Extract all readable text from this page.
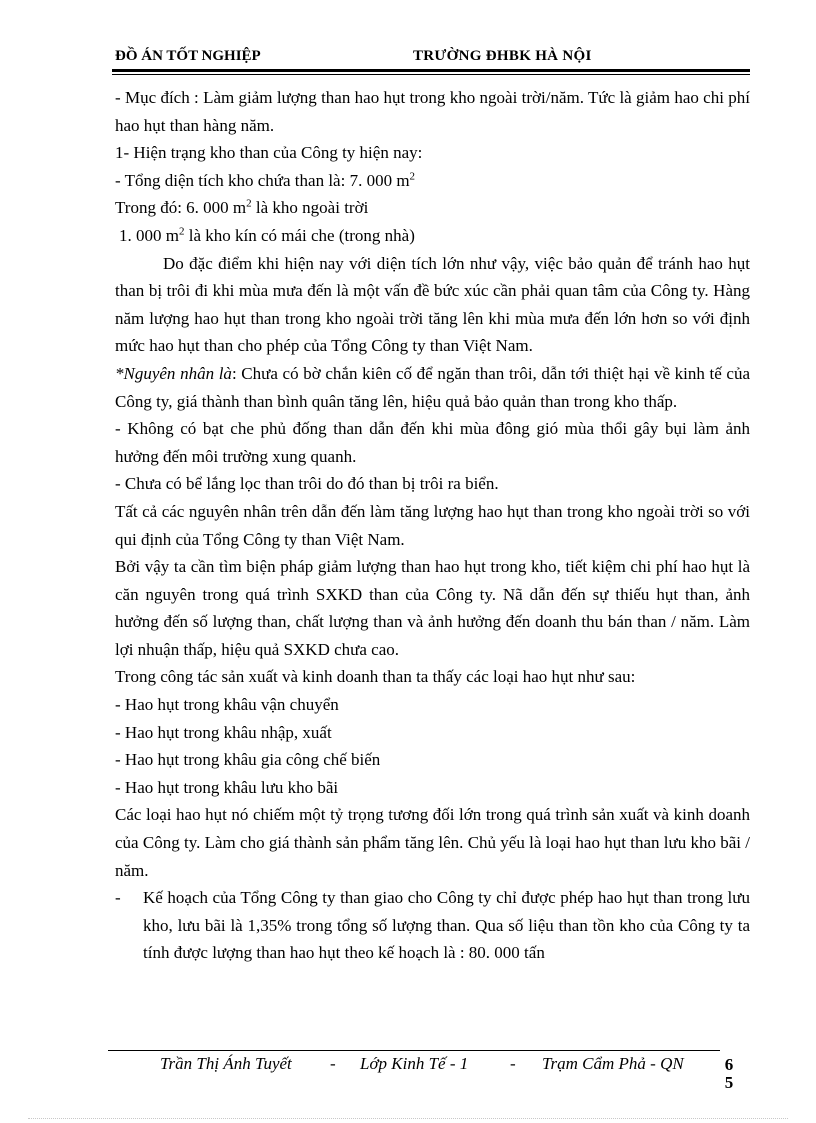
ĐỒ ÁN TỐT NGHIỆP	TRƯỜNG ĐHBK HÀ NỘI

- Mục đích : Làm giảm lượng than hao hụt trong kho ngoài trời/năm. Tức là giảm hao chi phí hao hụt than hàng năm.

1- Hiện trạng kho than của Công ty hiện nay:

- Tổng diện tích kho chứa than là: 7. 000 $m^2$

Trong đó: 6. 000 $m^2$ là kho ngoài trời

1. 000 $m^2$ là kho kín có mái che (trong nhà)

Do đặc điểm khi hiện nay với diện tích lớn như vậy, việc bảo quản để tránh hao hụt than bị trôi đi khi mùa mưa đến là một vấn đề bức xúc cần phải quan tâm của Công ty. Hàng năm lượng hao hụt than trong kho ngoài trời tăng lên khi mùa mưa đến lớn hơn so với định mức hao hụt than cho phép của Tổng Công ty than Việt Nam.

*Nguyên nhân là: Chưa có bờ chắn kiên cố để ngăn than trôi, dẫn tới thiệt hại về kinh tế của Công ty, giá thành than bình quân tăng lên, hiệu quả bảo quản than trong kho thấp.

- Không có bạt che phủ đống than dẫn đến khi mùa đông gió mùa thổi gây bụi làm ảnh hưởng đến môi trường xung quanh.

- Chưa có bể lắng lọc than trôi do đó than bị trôi ra biển.

Tất cả các nguyên nhân trên dẫn đến làm tăng lượng hao hụt than trong kho ngoài trời so với qui định của Tổng Công ty than Việt Nam.

Bởi vậy ta cần tìm biện pháp giảm lượng than hao hụt trong kho, tiết kiệm chi phí hao hụt là căn nguyên trong quá trình SXKD than của Công ty. Nã dẫn đến sự thiếu hụt than, ảnh hưởng đến số lượng than, chất lượng than và ảnh hưởng đến doanh thu bán than / năm. Làm lợi nhuận thấp, hiệu quả SXKD chưa cao.

Trong công tác sản xuất và kinh doanh than ta thấy các loại hao hụt như sau:

- Hao hụt trong khâu vận chuyển

- Hao hụt trong khâu nhập, xuất

- Hao hụt trong khâu gia công chế biến

- Hao hụt trong khâu lưu kho bãi

Các loại hao hụt nó chiếm một tỷ trọng tương đối lớn trong quá trình sản xuất và kinh doanh của Công ty. Làm cho giá thành sản phẩm tăng lên. Chủ yếu là loại hao hụt than lưu kho bãi / năm.

-	Kế hoạch của Tổng Công ty than giao cho Công ty chỉ được phép hao hụt than trong lưu kho, lưu bãi là 1,35% trong tổng số lượng than. Qua số liệu than tồn kho của Công ty ta tính được lượng than hao hụt theo kế hoạch là : 80. 000 tấn
Trần Thị Ánh Tuyết - Lớp Kinh Tế - 1 - Trạm Cẩm Phả - QN 6
5
